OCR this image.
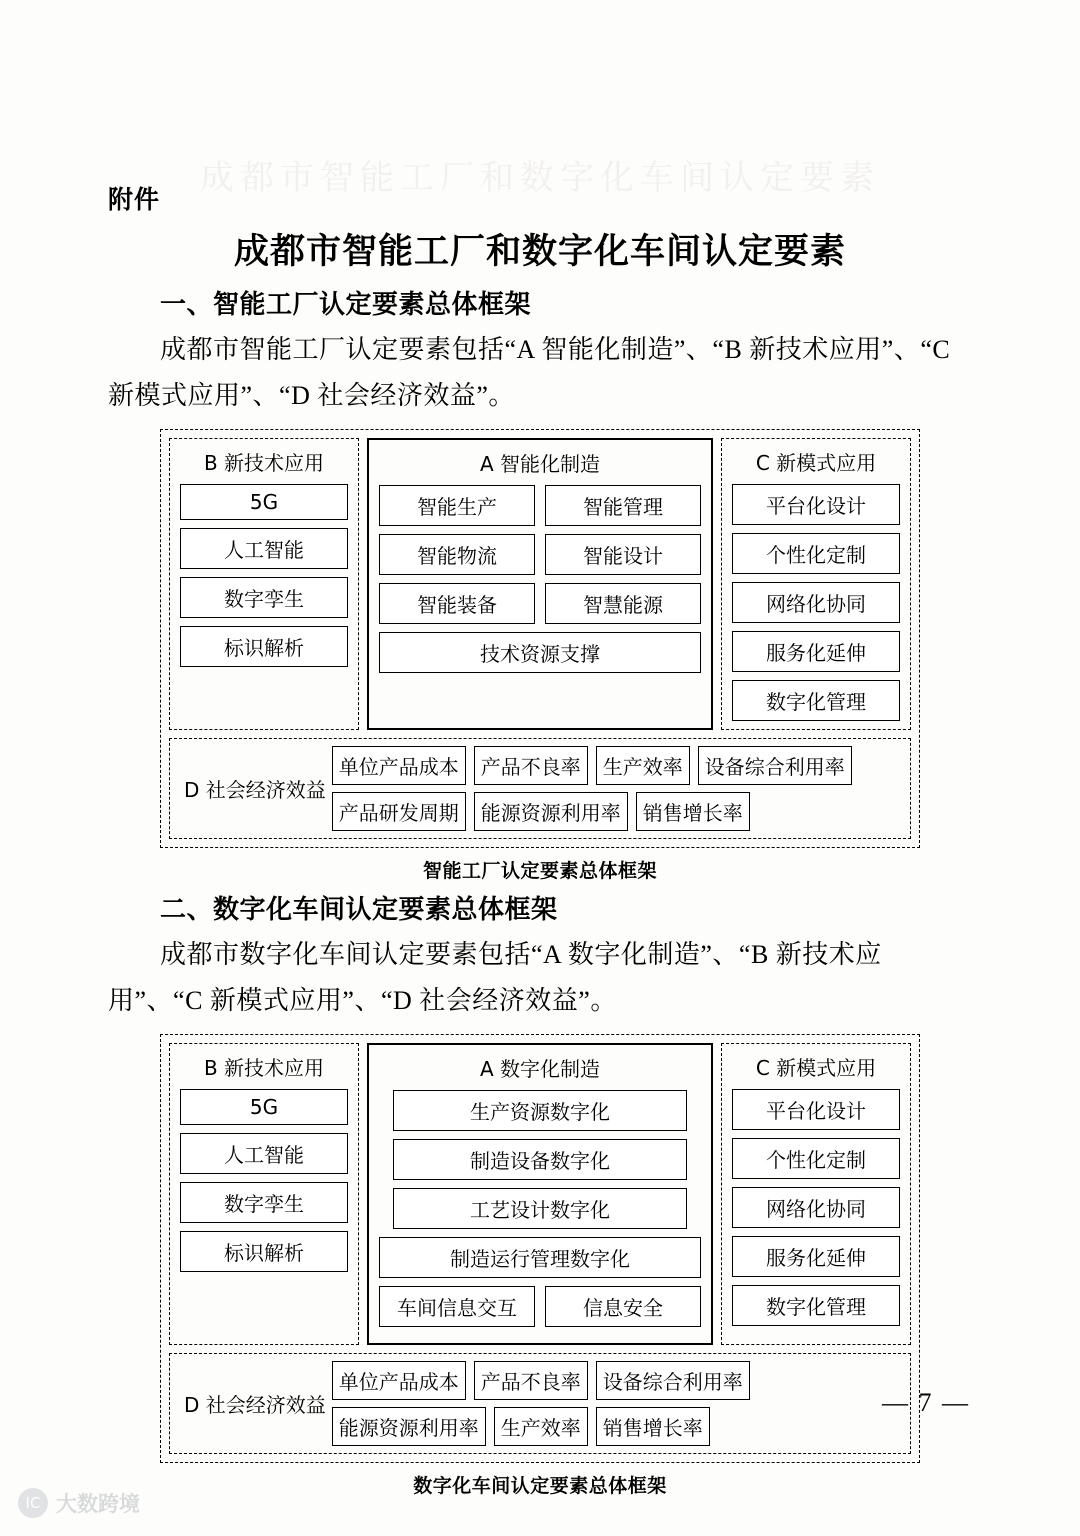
成都市智能工厂和数字化车间认定要素
附件
成都市智能工厂和数字化车间认定要素
一、智能工厂认定要素总体框架
成都市智能工厂认定要素包括“A 智能化制造”、“B 新技术应用”、“C 新模式应用”、“D 社会经济效益”。
B 新技术应用
5G
人工智能
数字孪生
标识解析
A 智能化制造
智能生产	智能管理
智能物流	智能设计
智能装备	智慧能源
技术资源支撑
C 新模式应用
平台化设计
个性化定制
网络化协同
服务化延伸
数字化管理
D 社会经济效益
单位产品成本	产品不良率	生产效率	设备综合利用率
产品研发周期	能源资源利用率	销售增长率
智能工厂认定要素总体框架
二、数字化车间认定要素总体框架
成都市数字化车间认定要素包括“A 数字化制造”、“B 新技术应用”、“C 新模式应用”、“D 社会经济效益”。
B 新技术应用
5G
人工智能
数字孪生
标识解析
A 数字化制造
生产资源数字化
制造设备数字化
工艺设计数字化
制造运行管理数字化
车间信息交互	信息安全
C 新模式应用
平台化设计
个性化定制
网络化协同
服务化延伸
数字化管理
D 社会经济效益
单位产品成本	产品不良率	设备综合利用率
能源资源利用率	生产效率	销售增长率
数字化车间认定要素总体框架
— 7 —
IC 大数跨境
